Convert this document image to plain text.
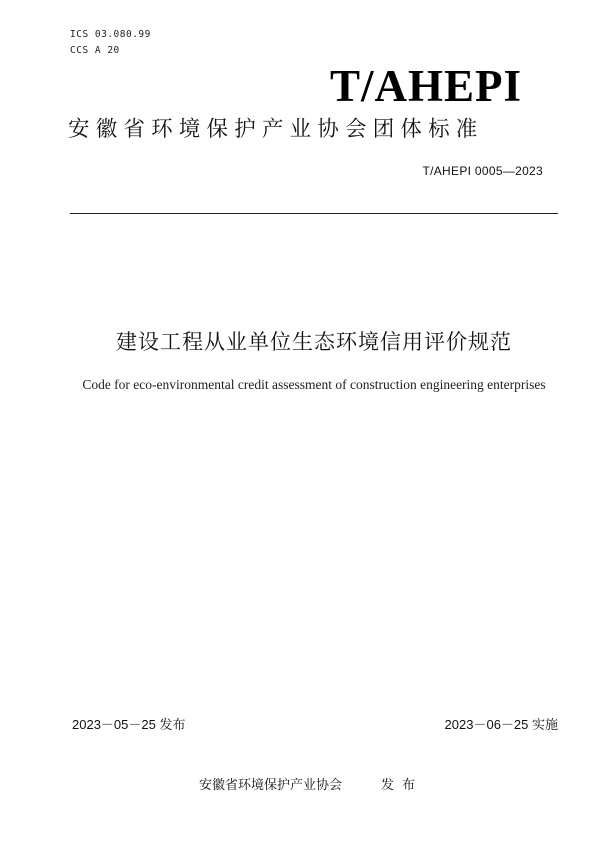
ICS 03.080.99
CCS A 20
T/AHEPI
安徽省环境保护产业协会团体标准
T/AHEPI 0005—2023
建设工程从业单位生态环境信用评价规范
Code for eco-environmental credit assessment of construction engineering enterprises
2023－05－25 发布	2023－06－25 实施
安徽省环境保护产业协会	发布
